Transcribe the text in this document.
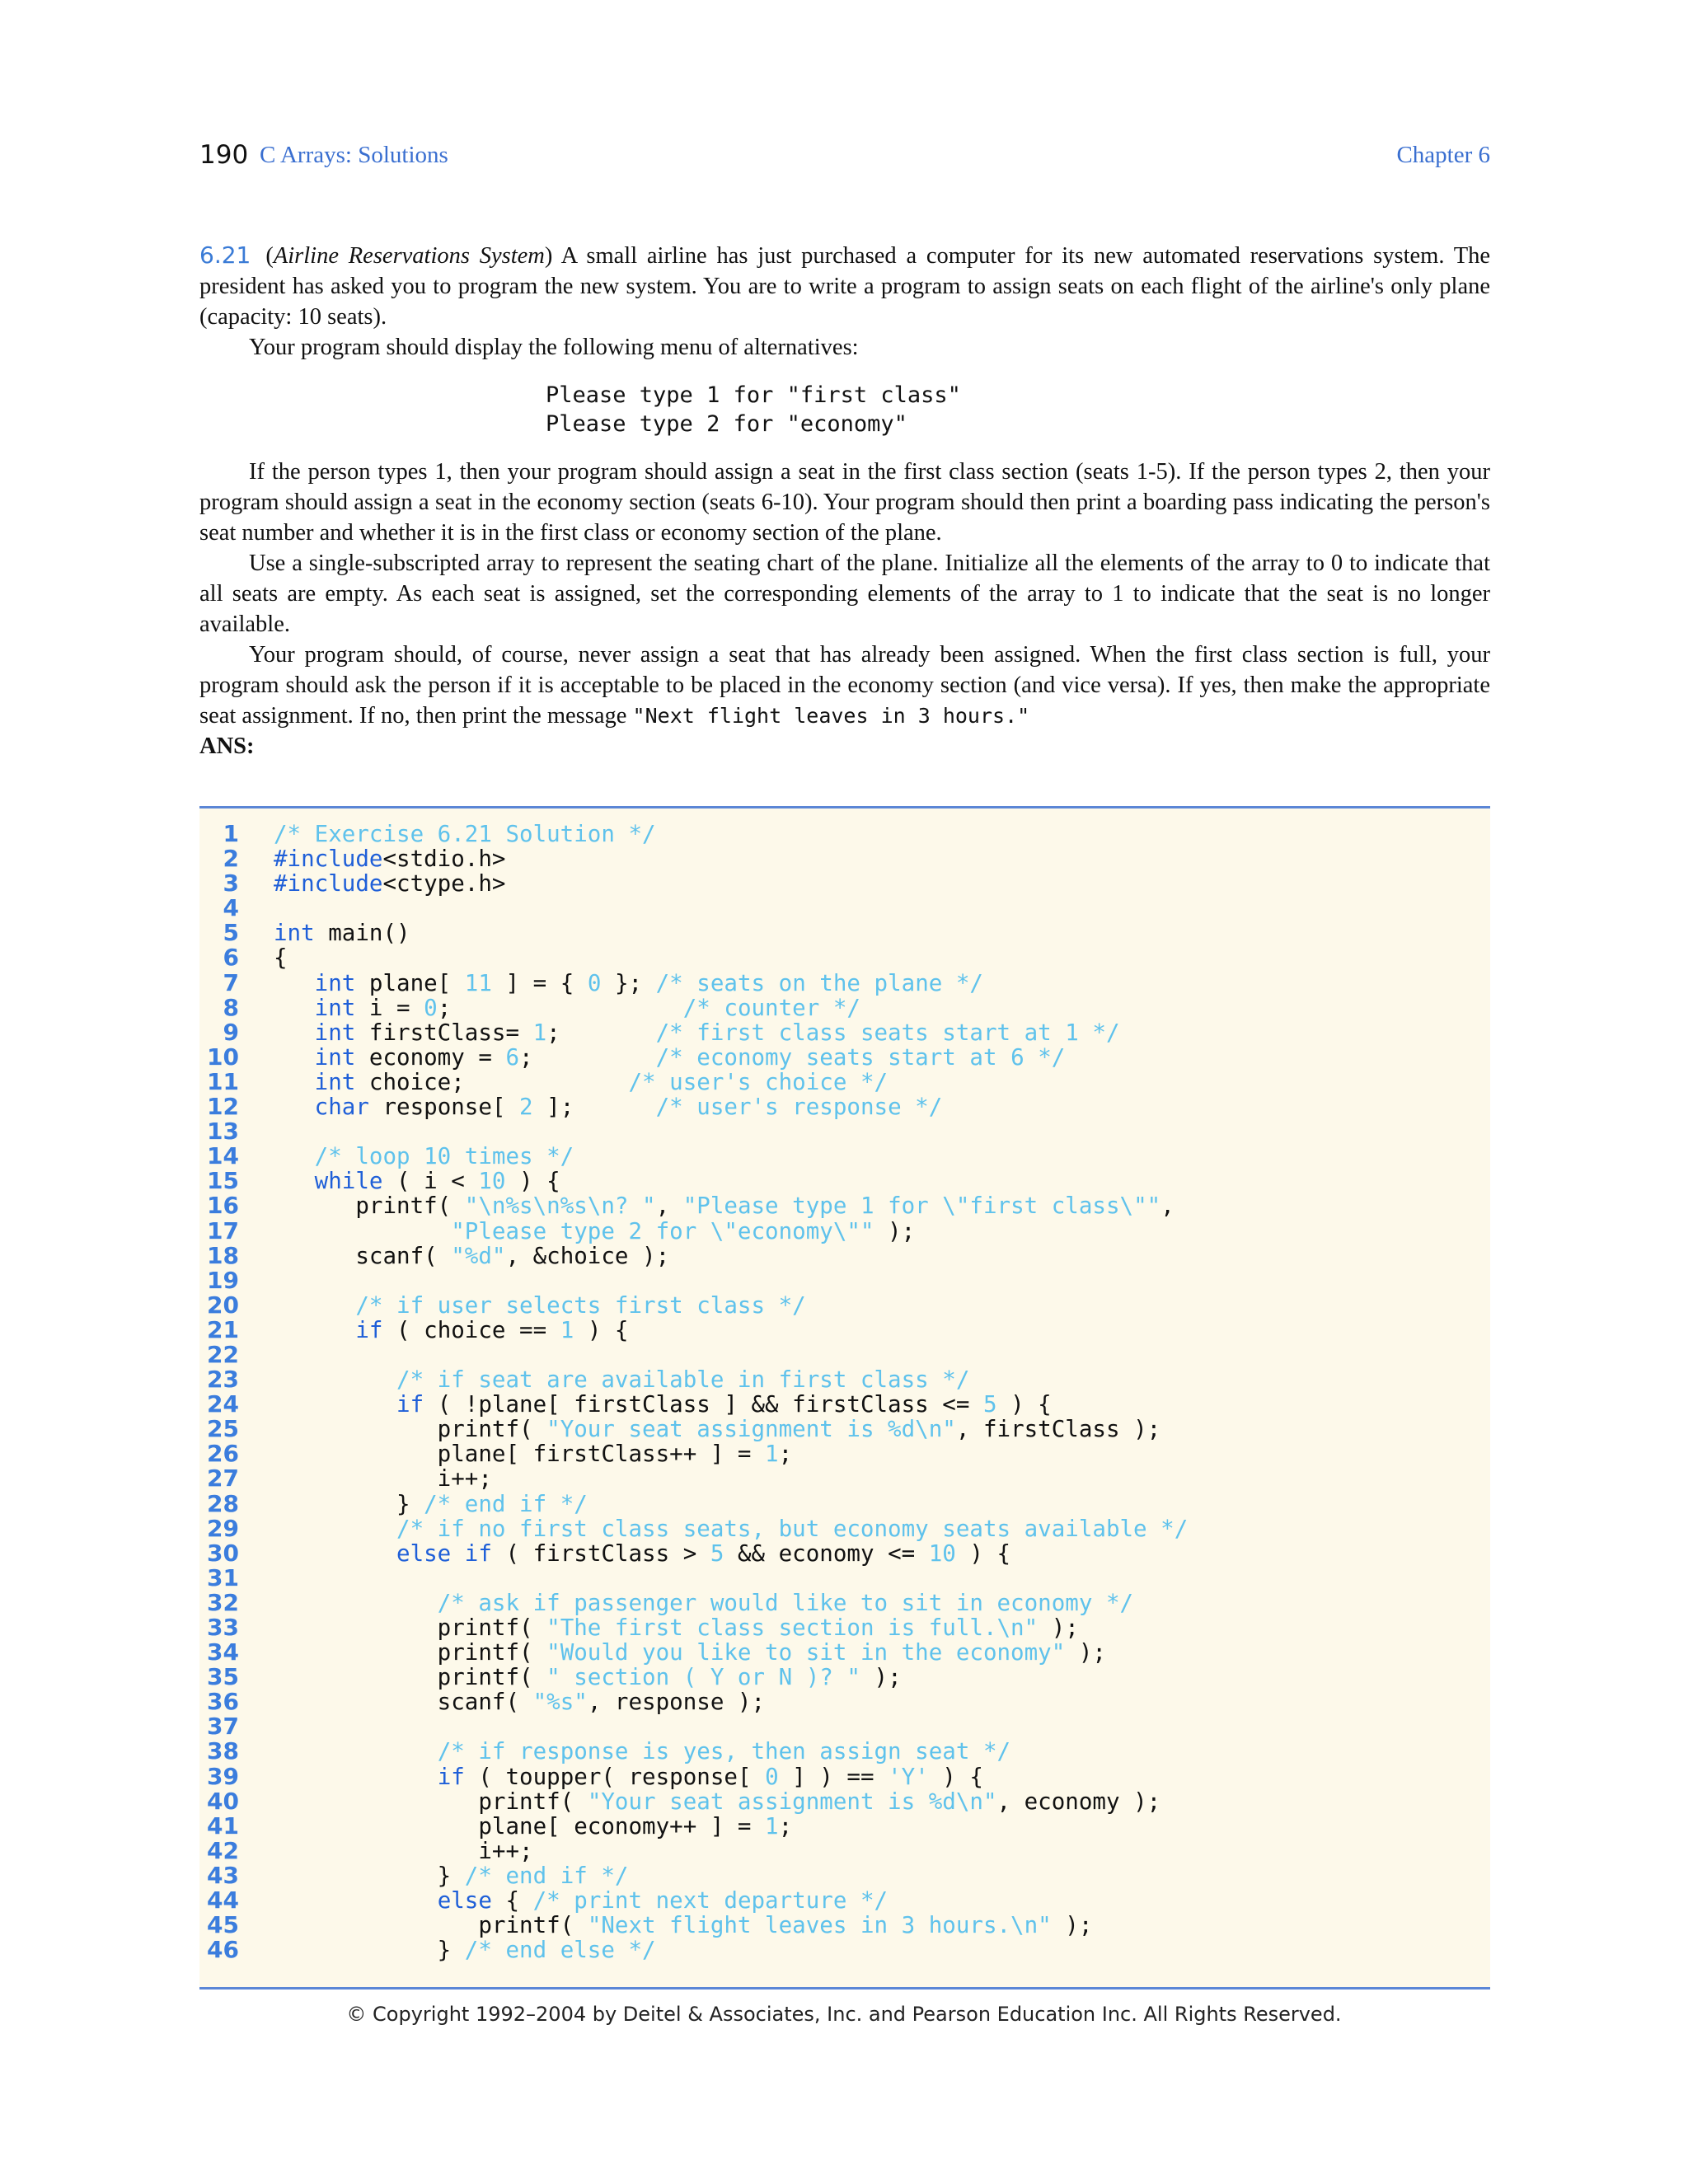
190 C Arrays: Solutions	Chapter 6

6.21 (Airline Reservations System) A small airline has just purchased a computer for its new automated reservations system. The president has asked you to program the new system. You are to write a program to assign seats on each flight of the airline's only plane (capacity: 10 seats).

Your program should display the following menu of alternatives:

Please type 1 for "first class"
Please type 2 for "economy"

If the person types 1, then your program should assign a seat in the first class section (seats 1-5). If the person types 2, then your program should assign a seat in the economy section (seats 6-10). Your program should then print a boarding pass indicating the person's seat number and whether it is in the first class or economy section of the plane.

Use a single-subscripted array to represent the seating chart of the plane. Initialize all the elements of the array to 0 to indicate that all seats are empty. As each seat is assigned, set the corresponding elements of the array to 1 to indicate that the seat is no longer available.

Your program should, of course, never assign a seat that has already been assigned. When the first class section is full, your program should ask the person if it is acceptable to be placed in the economy section (and vice versa). If yes, then make the appropriate seat assignment. If no, then print the message "Next flight leaves in 3 hours."

ANS:

1 /* Exercise 6.21 Solution */
2 #include<stdio.h>
3 #include<ctype.h>
4
5 int main()
6 {
7	int plane[ 11 ] = { 0 }; /* seats on the plane */
8	int i = 0;                 /* counter */
9	int firstClass= 1;       /* first class seats start at 1 */
10	int economy = 6;         /* economy seats start at 6 */
11	int choice;            /* user's choice */
12	char response[ 2 ];      /* user's response */
13
14	/* loop 10 times */
15	while ( i < 10 ) {
16      printf( "\n%s\n%s\n? ", "Please type 1 for \"first class\"",
17	"Please type 2 for \"economy\"" );
18      scanf( "%d", &choice );
19
20	/* if user selects first class */
21	if ( choice == 1 ) {
22
23	/* if seat are available in first class */
24	if ( !plane[ firstClass ] && firstClass <= 5 ) {
25            printf( "Your seat assignment is %d\n", firstClass );
26            plane[ firstClass++ ] = 1;
27            i++;
28         } /* end if */
29	/* if no first class seats, but economy seats available */
30	else if ( firstClass > 5 && economy <= 10 ) {
31
32	/* ask if passenger would like to sit in economy */
33            printf( "The first class section is full.\n" );
34            printf( "Would you like to sit in the economy" );
35            printf( " section ( Y or N )? " );
36            scanf( "%s", response );
37
38	/* if response is yes, then assign seat */
39	if ( toupper( response[ 0 ] ) == 'Y' ) {
40               printf( "Your seat assignment is %d\n", economy );
41               plane[ economy++ ] = 1;
42               i++;
43            } /* end if */
44	else { /* print next departure */
45               printf( "Next flight leaves in 3 hours.\n" );
46            } /* end else */
© Copyright 1992–2004 by Deitel & Associates, Inc. and Pearson Education Inc. All Rights Reserved.
